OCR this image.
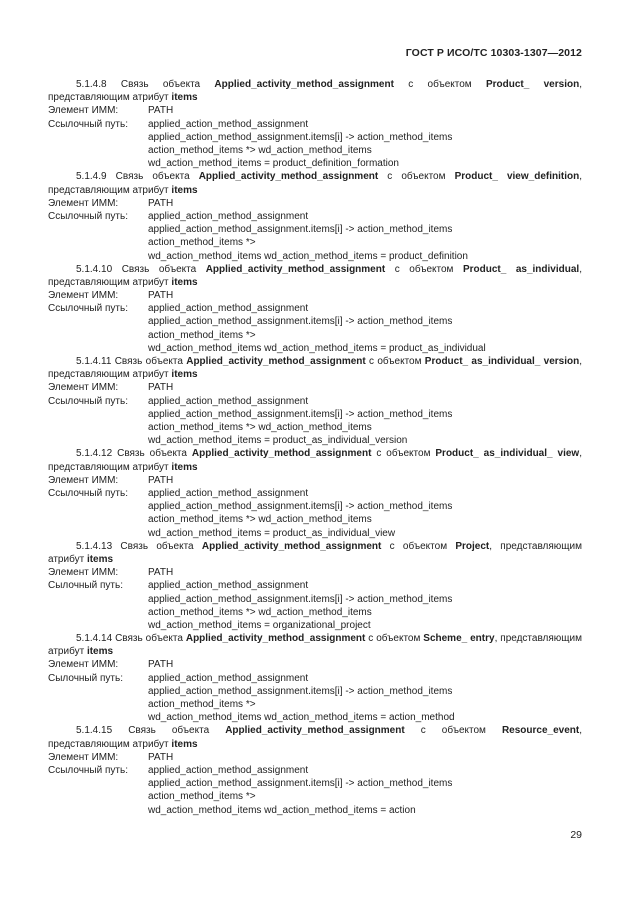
ГОСТ Р ИСО/ТС 10303-1307—2012
5.1.4.8 Связь объекта Applied_activity_method_assignment с объектом Product_ version, представляющим атрибут items
Элемент ИММ:	PATH
Ссылочный путь: applied_action_method_assignment
applied_action_method_assignment.items[i] -> action_method_items
action_method_items *> wd_action_method_items
wd_action_method_items = product_definition_formation
5.1.4.9 Связь объекта Applied_activity_method_assignment с объектом Product_ view_definition, представляющим атрибут items
Элемент ИММ:	PATH
Ссылочный путь: applied_action_method_assignment
applied_action_method_assignment.items[i] -> action_method_items
action_method_items *>
wd_action_method_items wd_action_method_items = product_definition
5.1.4.10 Связь объекта Applied_activity_method_assignment с объектом Product_ as_individual, представляющим атрибут items
Элемент ИММ:	PATH
Ссылочный путь: applied_action_method_assignment
applied_action_method_assignment.items[i] -> action_method_items
action_method_items *>
wd_action_method_items wd_action_method_items = product_as_individual
5.1.4.11 Связь объекта Applied_activity_method_assignment с объектом Product_ as_individual_ version, представляющим атрибут items
Элемент ИММ:	PATH
Ссылочный путь: applied_action_method_assignment
applied_action_method_assignment.items[i] -> action_method_items
action_method_items *> wd_action_method_items
wd_action_method_items = product_as_individual_version
5.1.4.12 Связь объекта Applied_activity_method_assignment с объектом Product_ as_individual_ view, представляющим атрибут items
Элемент ИММ:	PATH
Ссылочный путь: applied_action_method_assignment
applied_action_method_assignment.items[i] -> action_method_items
action_method_items *> wd_action_method_items
wd_action_method_items = product_as_individual_view
5.1.4.13 Связь объекта Applied_activity_method_assignment с объектом Project, представляющим атрибут items
Элемент ИММ:	PATH
Сылочный путь:	applied_action_method_assignment
applied_action_method_assignment.items[i] -> action_method_items
action_method_items *> wd_action_method_items
wd_action_method_items = organizational_project
5.1.4.14 Связь объекта Applied_activity_method_assignment с объектом Scheme_ entry, представляющим атрибут items
Элемент ИММ:	PATH
Сылочный путь:	applied_action_method_assignment
applied_action_method_assignment.items[i] -> action_method_items
action_method_items *>
wd_action_method_items wd_action_method_items = action_method
5.1.4.15 Связь объекта Applied_activity_method_assignment с объектом Resource_event, представляющим атрибут items
Элемент ИММ:	PATH
Ссылочный путь: applied_action_method_assignment
applied_action_method_assignment.items[i] -> action_method_items
action_method_items *>
wd_action_method_items wd_action_method_items = action
29
